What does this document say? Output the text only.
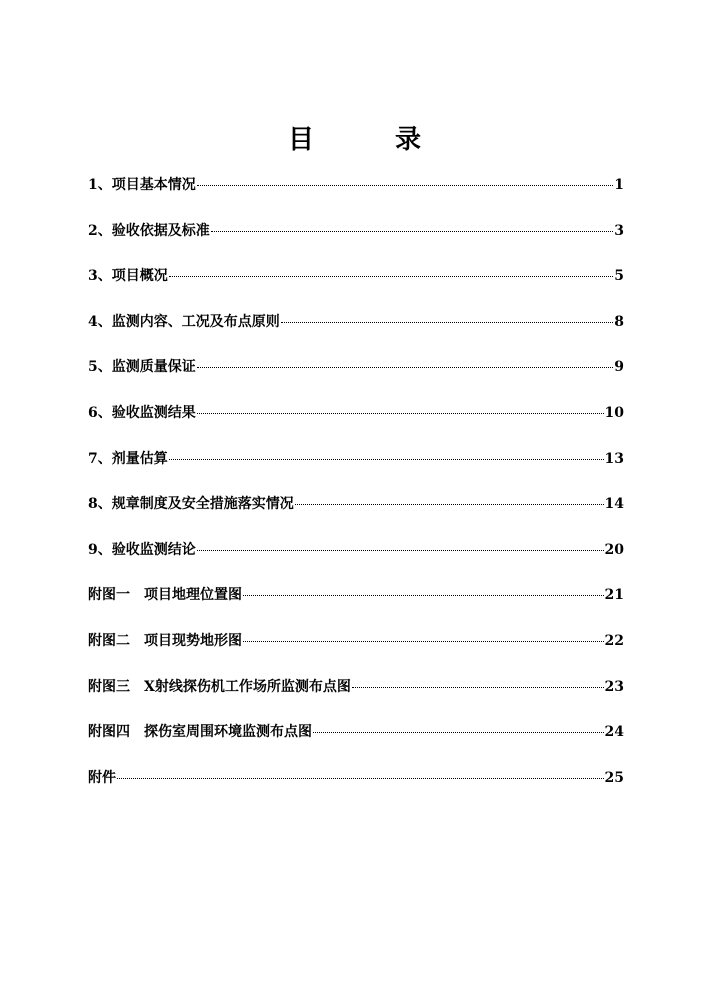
目 录
1、项目基本情况	1
2、验收依据及标准	3
3、项目概况	5
4、监测内容、工况及布点原则	8
5、监测质量保证	9
6、验收监测结果	10
7、剂量估算	13
8、规章制度及安全措施落实情况	14
9、验收监测结论	20
附图一　项目地理位置图	21
附图二　项目现势地形图	22
附图三　X射线探伤机工作场所监测布点图	23
附图四　探伤室周围环境监测布点图	24
附件	25
